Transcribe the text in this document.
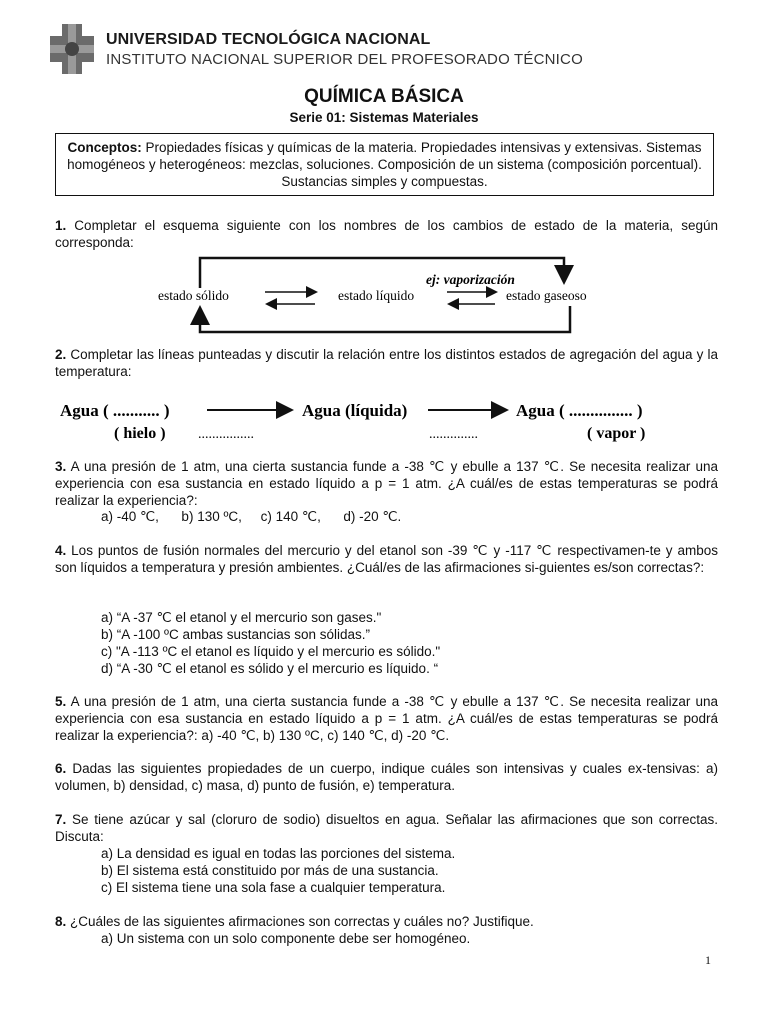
UNIVERSIDAD TECNOLÓGICA NACIONAL
INSTITUTO NACIONAL SUPERIOR DEL PROFESORADO TÉCNICO
QUÍMICA BÁSICA
Serie 01: Sistemas Materiales
Conceptos: Propiedades físicas y químicas de la materia. Propiedades intensivas y extensivas. Sistemas homogéneos y heterogéneos: mezclas, soluciones. Composición de un sistema (composición porcentual). Sustancias simples y compuestas.
1. Completar el esquema siguiente con los nombres de los cambios de estado de la materia, según corresponda:
estado sólido	estado líquido	estado gaseoso
ej: vaporización
2. Completar las líneas punteadas y discutir la relación entre los distintos estados de agregación del agua y la temperatura:
Agua ( ........... )	Agua (líquida)	Agua ( ............... )
( hielo ) ................	..............	( vapor )
3. A una presión de 1 atm, una cierta sustancia funde a -38 ℃ y ebulle a 137 ℃. Se necesita realizar una experiencia con esa sustancia en estado líquido a p = 1 atm. ¿A cuál/es de estas temperaturas se podrá realizar la experiencia?:
a) -40 ℃,      b) 130 ºC,     c) 140 ℃,      d) -20 ℃.
4. Los puntos de fusión normales del mercurio y del etanol son -39 ℃ y -117 ℃ respectivamen-te y ambos son líquidos a temperatura y presión ambientes. ¿Cuál/es de las afirmaciones si-guientes es/son correctas?:
a) “A -37 ℃ el etanol y el mercurio son gases."
b) “A -100 ºC ambas sustancias son sólidas.”
c) "A -113 ºC el etanol es líquido y el mercurio es sólido."
d) “A -30 ℃ el etanol es sólido y el mercurio es líquido. “
5. A una presión de 1 atm, una cierta sustancia funde a -38 ℃ y ebulle a 137 ℃. Se necesita realizar una experiencia con esa sustancia en estado líquido a p = 1 atm. ¿A cuál/es de estas temperaturas se podrá realizar la experiencia?: a) -40 ℃, b) 130 ºC, c) 140 ℃, d) -20 ℃.
6. Dadas las siguientes propiedades de un cuerpo, indique cuáles son intensivas y cuales ex-tensivas: a) volumen, b) densidad, c) masa, d) punto de fusión, e) temperatura.
7. Se tiene azúcar y sal (cloruro de sodio) disueltos en agua. Señalar las afirmaciones que son correctas. Discuta:
a) La densidad es igual en todas las porciones del sistema.
b) El sistema está constituido por más de una sustancia.
c) El sistema tiene una sola fase a cualquier temperatura.
8. ¿Cuáles de las siguientes afirmaciones son correctas y cuáles no? Justifique.
a) Un sistema con un solo componente debe ser homogéneo.
1
